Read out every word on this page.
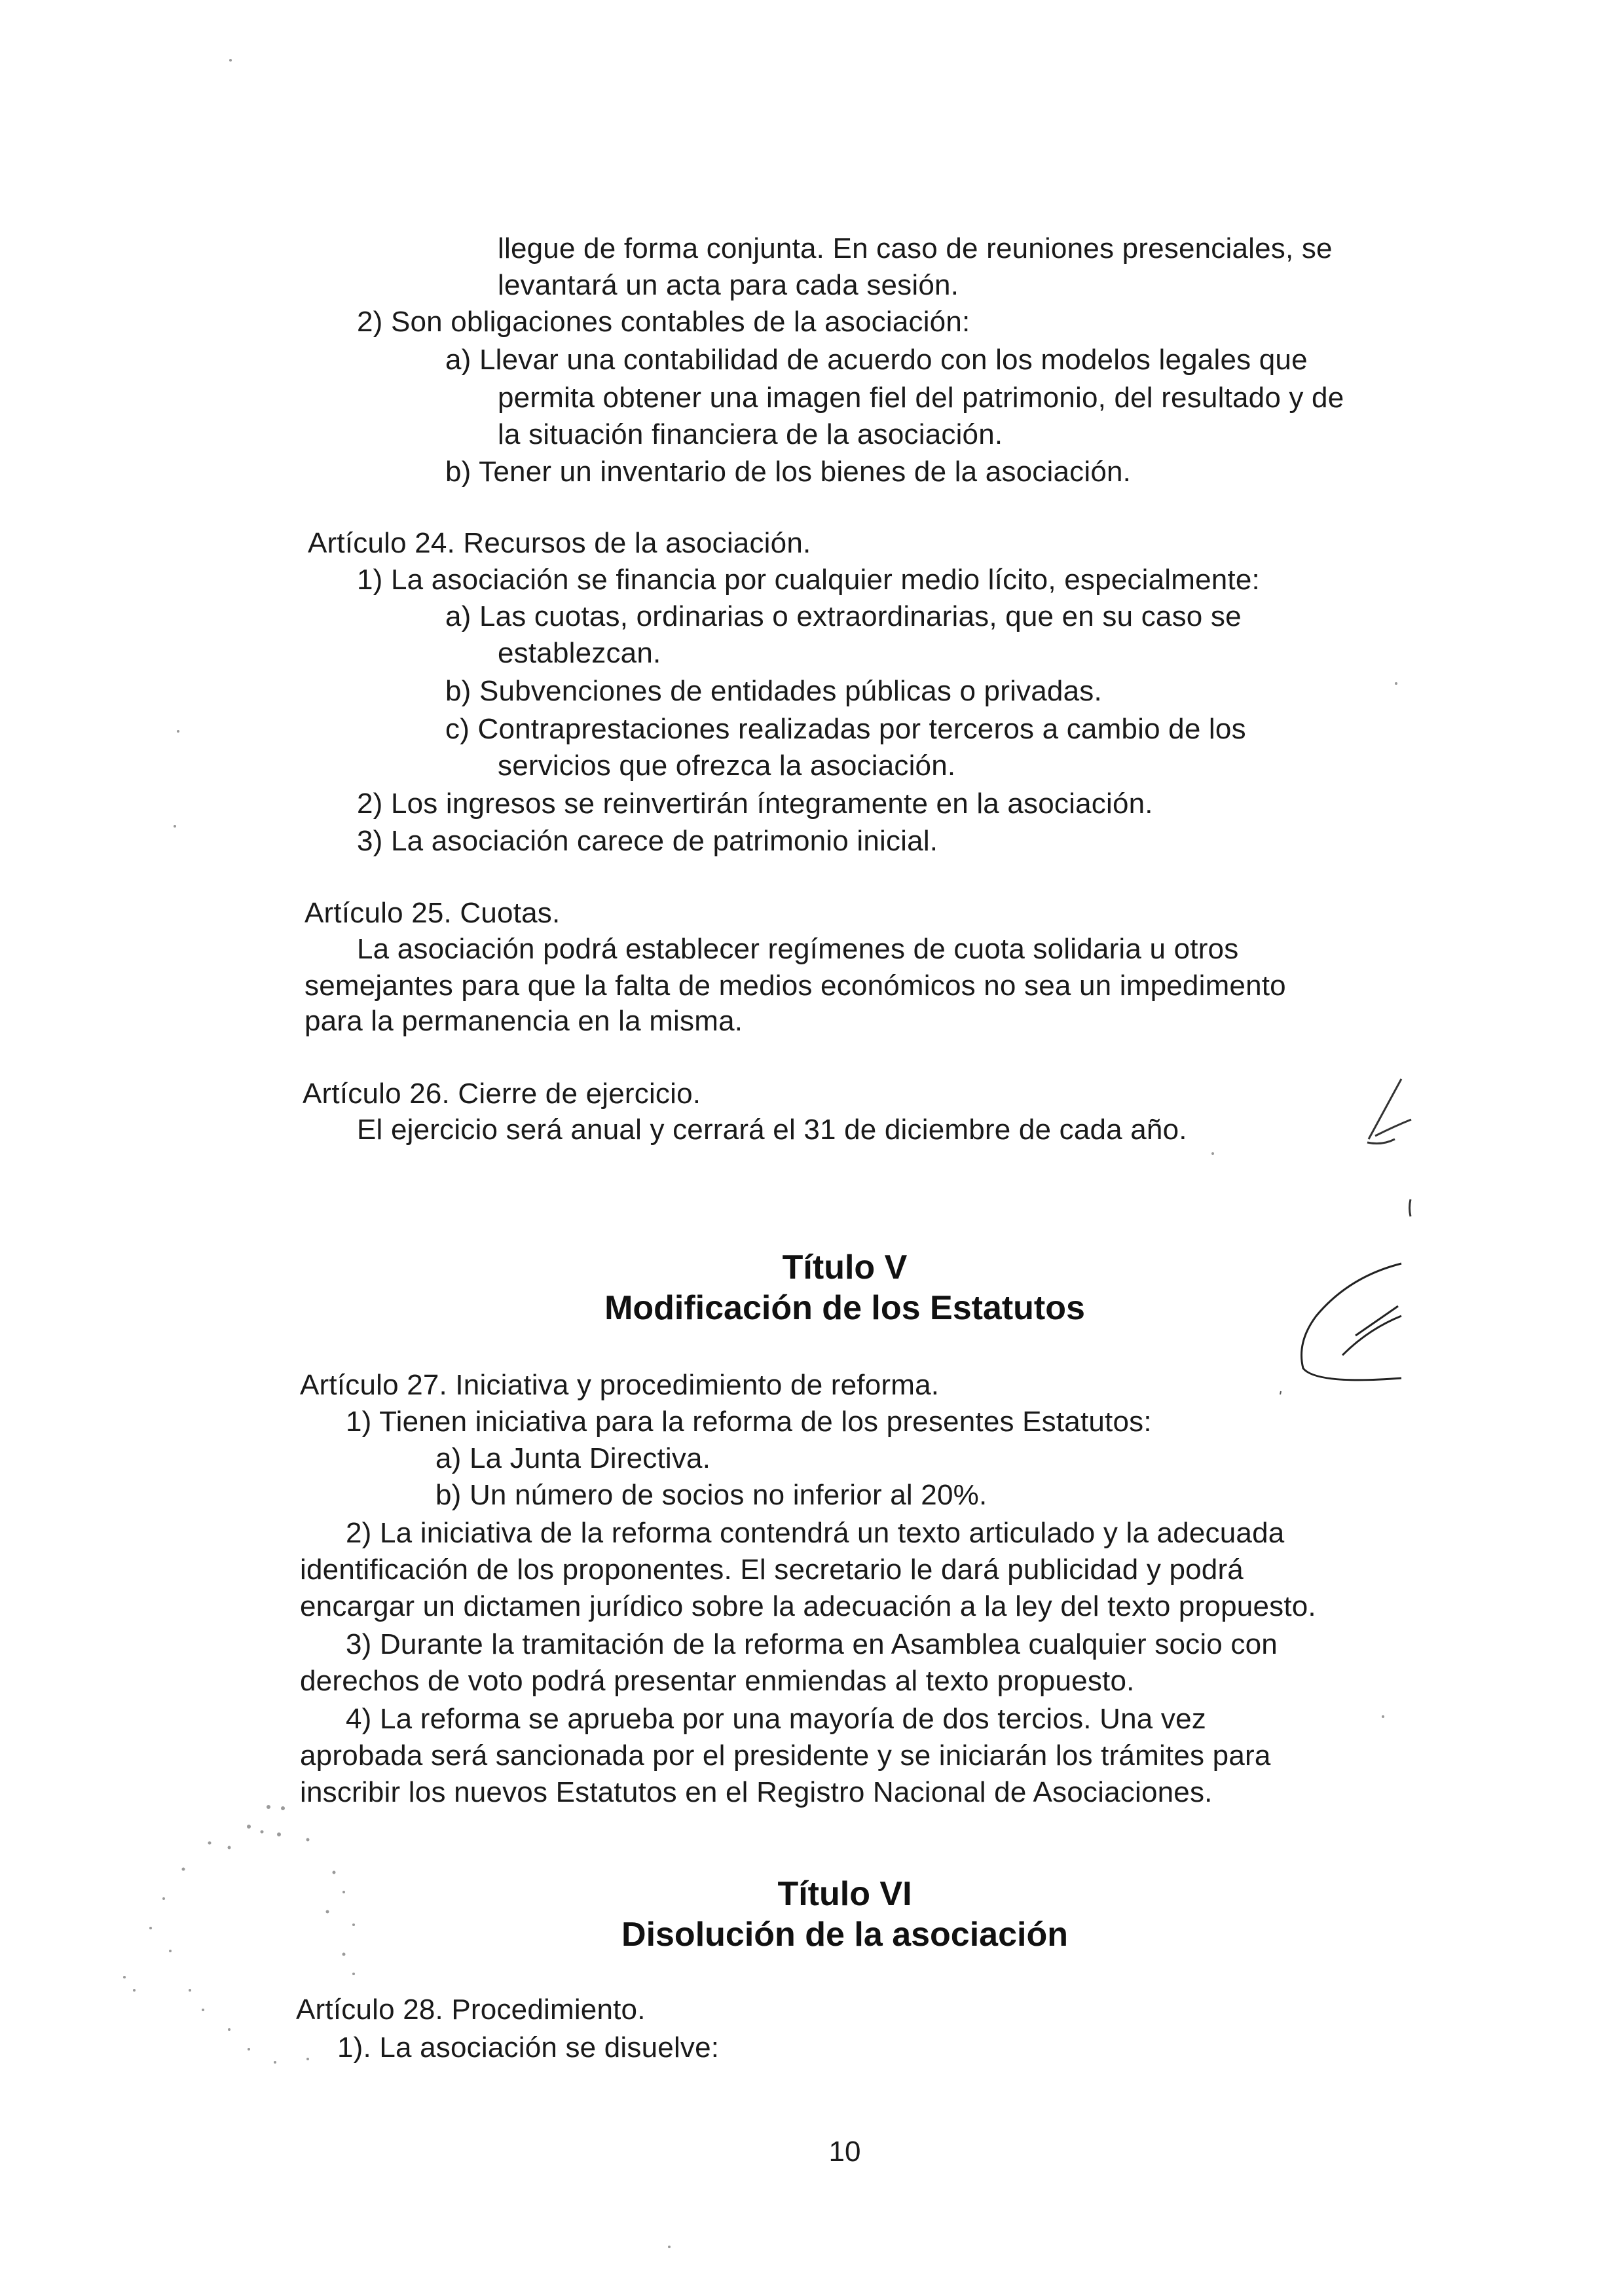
llegue de forma conjunta. En caso de reuniones presenciales, se
levantará un acta para cada sesión.
2) Son obligaciones contables de la asociación:
a) Llevar una contabilidad de acuerdo con los modelos legales que
permita obtener una imagen fiel del patrimonio, del resultado y de
la situación financiera de la asociación.
b) Tener un inventario de los bienes de la asociación.
Artículo 24. Recursos de la asociación.
1) La asociación se financia por cualquier medio lícito, especialmente:
a) Las cuotas, ordinarias o extraordinarias, que en su caso se
establezcan.
b) Subvenciones de entidades públicas o privadas.
c) Contraprestaciones realizadas por terceros a cambio de los
servicios que ofrezca la asociación.
2) Los ingresos se reinvertirán íntegramente en la asociación.
3) La asociación carece de patrimonio inicial.
Artículo 25. Cuotas.
La asociación podrá establecer regímenes de cuota solidaria u otros
semejantes para que la falta de medios económicos no sea un impedimento
para la permanencia en la misma.
Artículo 26. Cierre de ejercicio.
El ejercicio será anual y cerrará el 31 de diciembre de cada año.
Título V
Modificación de los Estatutos
Artículo 27. Iniciativa y procedimiento de reforma.
1) Tienen iniciativa para la reforma de los presentes Estatutos:
a) La Junta Directiva.
b) Un número de socios no inferior al 20%.
2) La iniciativa de la reforma contendrá un texto articulado y la adecuada
identificación de los proponentes. El secretario le dará publicidad y podrá
encargar un dictamen jurídico sobre la adecuación a la ley del texto propuesto.
3) Durante la tramitación de la reforma en Asamblea cualquier socio con
derechos de voto podrá presentar enmiendas al texto propuesto.
4) La reforma se aprueba por una mayoría de dos tercios. Una vez
aprobada será sancionada por el presidente y se iniciarán los trámites para
inscribir los nuevos Estatutos en el Registro Nacional de Asociaciones.
Título VI
Disolución de la asociación
Artículo 28. Procedimiento.
1). La asociación se disuelve:
10
